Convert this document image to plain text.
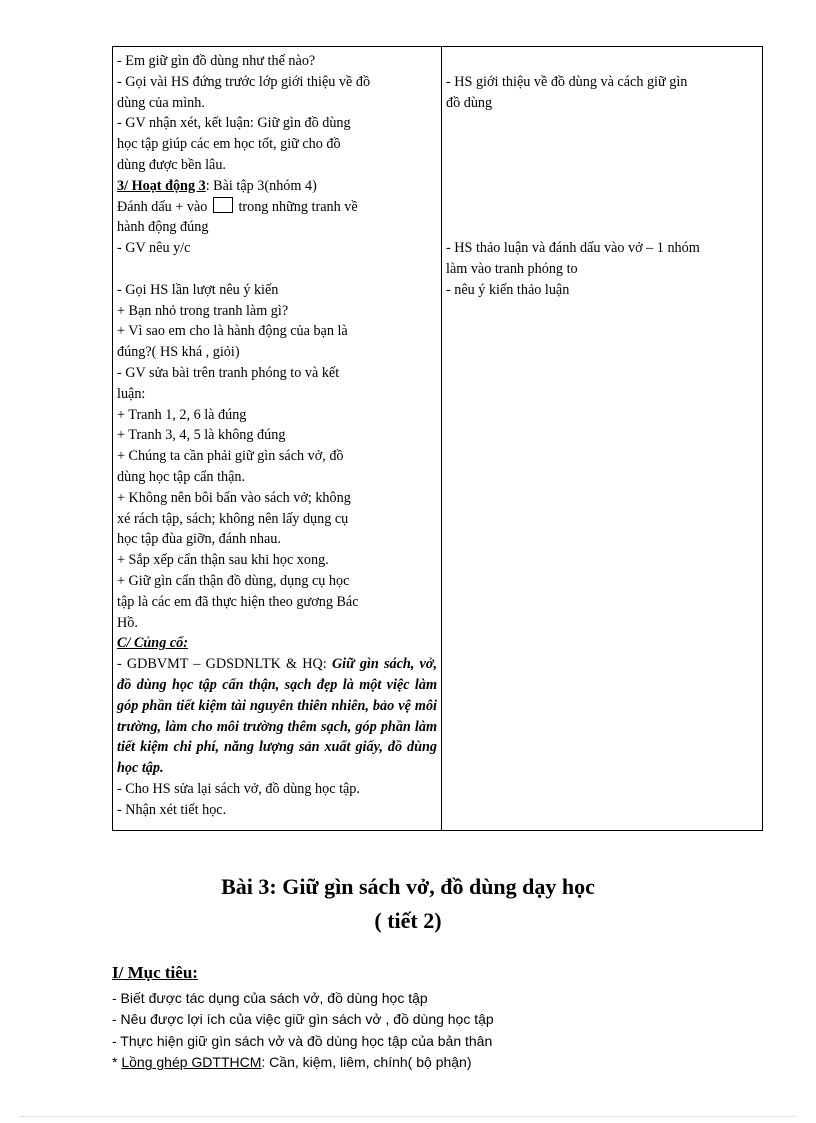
- Em giữ gìn đồ dùng như thế nào?
- Gọi vài HS đứng trước lớp giới thiệu về đồ
dùng của mình.
- GV nhận xét, kết luận: Giữ gìn đồ dùng
học tập giúp các em học tốt, giữ cho đồ
dùng được bền lâu.
3/ Hoạt động 3: Bài tập 3(nhóm 4)
Đánh dấu + vào trong những tranh về
hành động đúng
- GV nêu y/c
- Gọi HS lần lượt nêu ý kiến
+ Bạn nhỏ trong tranh làm gì?
+ Vì sao em cho là hành động của bạn là
đúng?( HS khá , giỏi)
- GV sửa bài trên tranh phóng to và kết
luận:
+ Tranh 1, 2, 6 là đúng
+ Tranh 3, 4, 5 là không đúng
+ Chúng ta cần phải giữ gìn sách vở, đồ
dùng học tập cẩn thận.
+ Không nên bôi bẩn vào sách vở; không
xé rách tập, sách; không nên lấy dụng cụ
học tập đùa giỡn, đánh nhau.
+ Sắp xếp cẩn thận sau khi học xong.
+ Giữ gìn cẩn thận đồ dùng, dụng cụ học
tập là các em đã thực hiện theo gương Bác
Hồ.
C/ Củng cố:
- GDBVMT – GDSDNLTK & HQ: Giữ gìn sách, vở, đồ dùng học tập cẩn thận, sạch đẹp là một việc làm góp phần tiết kiệm tài nguyên thiên nhiên, bảo vệ môi trường, làm cho môi trường thêm sạch, góp phần làm tiết kiệm chi phí, năng lượng sản xuất giấy, đồ dùng học tập.
- Cho HS sửa lại sách vở, đồ dùng học tập.
- Nhận xét tiết học.

- HS giới thiệu về đồ dùng và cách giữ gìn
đồ dùng
- HS thảo luận và đánh dấu vào vở – 1 nhóm
làm vào tranh phóng to
- nêu ý kiến thảo luận
Bài 3: Giữ gìn sách vở, đồ dùng dạy học
( tiết 2)
I/ Mục tiêu:
- Biết được tác dụng của sách vở, đồ dùng học tập
- Nêu được lợi ích của việc giữ gìn sách vở , đồ dùng học tập
- Thực hiện giữ gìn sách vở và đồ dùng học tập của bản thân
* Lồng ghép GDTTHCM: Cần, kiệm, liêm, chính( bộ phận)
